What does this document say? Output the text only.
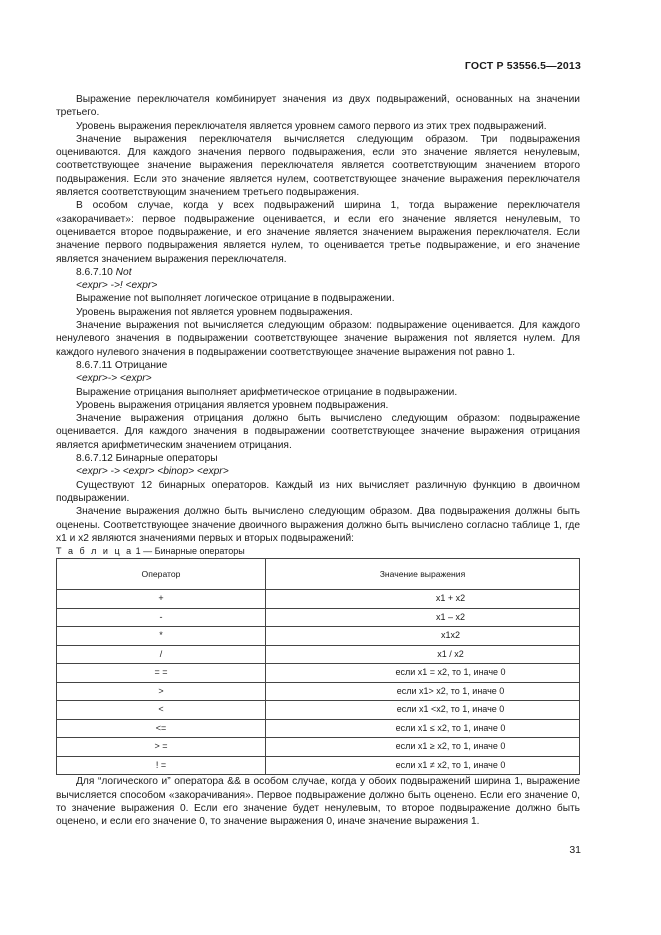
ГОСТ Р 53556.5—2013

Выражение переключателя комбинирует значения из двух подвыражений, основанных на значении третьего.

Уровень выражения переключателя является уровнем самого первого из этих трех подвыражений.

Значение выражения переключателя вычисляется следующим образом. Три подвыражения оцениваются. Для каждого значения первого подвыражения, если это значение является ненулевым, соответствующее значение выражения переключателя является соответствующим значением второго подвыражения. Если это значение является нулем, соответствующее значение выражения переключателя является соответствующим значением третьего подвыражения.

В особом случае, когда у всех подвыражений ширина 1, тогда выражение переключателя «закорачивает»: первое подвыражение оценивается, и если его значение является ненулевым, то оценивается второе подвыражение, и его значение является значением выражения переключателя. Если значение первого подвыражения является нулем, то оценивается третье подвыражение, и его значение является значением выражения переключателя.

8.6.7.10 Not

<expr> ->! <expr>

Выражение not выполняет логическое отрицание в подвыражении.

Уровень выражения not является уровнем подвыражения.

Значение выражения not вычисляется следующим образом: подвыражение оценивается. Для каждого ненулевого значения в подвыражении соответствующее значение выражения not является нулем. Для каждого нулевого значения в подвыражении соответствующее значение выражения not равно 1.

8.6.7.11 Отрицание

<expr>-> <expr>

Выражение отрицания выполняет арифметическое отрицание в подвыражении.

Уровень выражения отрицания является уровнем подвыражения.

Значение выражения отрицания должно быть вычислено следующим образом: подвыражение оценивается. Для каждого значения в подвыражении соответствующее значение выражения отрицания является арифметическим значением отрицания.

8.6.7.12 Бинарные операторы

<expr> -> <expr> <binop> <expr>

Существуют 12 бинарных операторов. Каждый из них вычисляет различную функцию в двоичном подвыражении.

Значение выражения должно быть вычислено следующим образом. Два подвыражения должны быть оценены. Соответствующее значение двоичного выражения должно быть вычислено согласно таблице 1, где x1 и x2 являются значениями первых и вторых подвыражений:

Т а б л и ц а 1 — Бинарные операторы

Оператор	Значение выражения
+	x1 + x2
-	x1 – x2
*	x1x2
/	x1 / x2
= =	если x1 = x2, то 1, иначе 0
>	если x1> x2, то 1, иначе 0
<	если x1 <x2, то 1, иначе 0
<=	если x1 ≤ x2, то 1, иначе 0
> =	если x1 ≥ x2, то 1, иначе 0
! =	если x1 ≠ x2, то 1, иначе 0

Для “логического и” оператора && в особом случае, когда у обоих подвыражений ширина 1, выражение вычисляется способом «закорачивания». Первое подвыражение должно быть оценено. Если его значение 0, то значение выражения 0. Если его значение будет ненулевым, то второе подвыражение должно быть оценено, и если его значение 0, то значение выражения 0, иначе значение выражения 1.

31
